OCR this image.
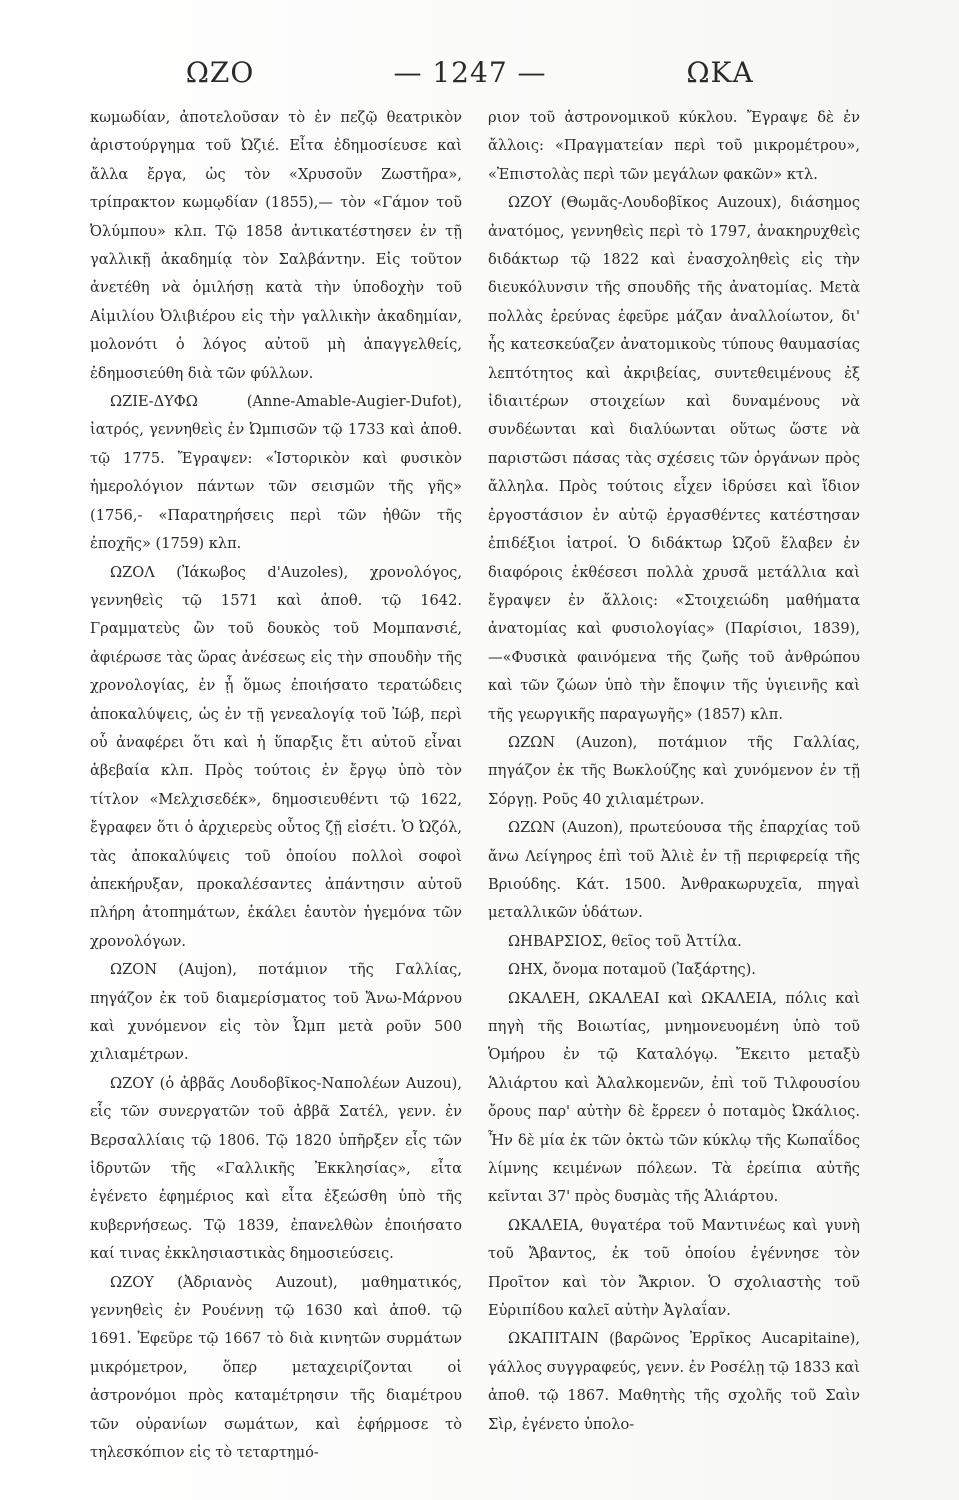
ΩΖΟ	— 1247 —	ΩΚΑ

κωμωδίαν, ἀποτελοῦσαν τὸ ἐν πεζῷ θεατρικὸν ἀριστούργημα τοῦ Ὠζιέ. Εἶτα ἐδημοσίευσε καὶ ἄλλα ἔργα, ὡς τὸν «Χρυσοῦν Ζωστῆρα», τρίπρακτον κωμῳδίαν (1855),— τὸν «Γάμον τοῦ Ὀλύμπου» κλπ. Τῷ 1858 ἀντικατέστησεν ἐν τῇ γαλλικῇ ἀκαδημίᾳ τὸν Σαλβάντην. Εἰς τοῦτον ἀνετέθη νὰ ὁμιλήσῃ κατὰ τὴν ὑποδοχὴν τοῦ Αἰμιλίου Ὀλιβιέρου εἰς τὴν γαλλικὴν ἀκαδημίαν, μολονότι ὁ λόγος αὐτοῦ μὴ ἀπαγγελθείς, ἐδημοσιεύθη διὰ τῶν φύλλων.

ΩΖΙΕ-ΔΥΦΩ (Anne-Amable-Augier-Dufot), ἰατρός, γεννηθεὶς ἐν Ὠμπισῶν τῷ 1733 καὶ ἀποθ. τῷ 1775. Ἔγραψεν: «Ἱστορικὸν καὶ φυσικὸν ἡμερολόγιον πάντων τῶν σεισμῶν τῆς γῆς» (1756,- «Παρατηρήσεις περὶ τῶν ἠθῶν τῆς ἐποχῆς» (1759) κλπ.

ΩΖΟΛ (Ἰάκωβος d'Auzoles), χρονολόγος, γεννηθεὶς τῷ 1571 καὶ ἀποθ. τῷ 1642. Γραμματεὺς ὢν τοῦ δουκὸς τοῦ Μομπανσιέ, ἀφιέρωσε τὰς ὥρας ἀνέσεως εἰς τὴν σπουδὴν τῆς χρονολογίας, ἐν ᾗ ὅμως ἐποιήσατο τερατώδεις ἀποκαλύψεις, ὡς ἐν τῇ γενεαλογίᾳ τοῦ Ἰώβ, περὶ οὗ ἀναφέρει ὅτι καὶ ἡ ὕπαρξις ἔτι αὐτοῦ εἶναι ἀβεβαία κλπ. Πρὸς τούτοις ἐν ἔργῳ ὑπὸ τὸν τίτλον «Μελχισεδέκ», δημοσιευθέντι τῷ 1622, ἔγραφεν ὅτι ὁ ἀρχιερεὺς οὗτος ζῇ εἰσέτι. Ὁ Ὠζόλ, τὰς ἀποκαλύψεις τοῦ ὁποίου πολλοὶ σοφοὶ ἀπεκήρυξαν, προκαλέσαντες ἀπάντησιν αὐτοῦ πλήρη ἀτοπημάτων, ἐκάλει ἑαυτὸν ἡγεμόνα τῶν χρονολόγων.

ΩΖΟΝ (Aujon), ποτάμιον τῆς Γαλλίας, πηγάζον ἐκ τοῦ διαμερίσματος τοῦ Ἄνω-Μάρνου καὶ χυνόμενον εἰς τὸν Ὦμπ μετὰ ροῦν 500 χιλιαμέτρων.

ΩΖΟΥ (ὁ ἀββᾶς Λουδοβῖκος-Ναπολέων Auzou), εἷς τῶν συνεργατῶν τοῦ ἀββᾶ Σατέλ, γενν. ἐν Βερσαλλίαις τῷ 1806. Τῷ 1820 ὑπῆρξεν εἷς τῶν ἱδρυτῶν τῆς «Γαλλικῆς Ἐκκλησίας», εἶτα ἐγένετο ἐφημέριος καὶ εἶτα ἐξεώσθη ὑπὸ τῆς κυβερνήσεως. Τῷ 1839, ἐπανελθὼν ἐποιήσατο καί τινας ἐκκλησιαστικὰς δημοσιεύσεις.

ΩΖΟΥ (Ἀδριανὸς Auzout), μαθηματικός, γεννηθεὶς ἐν Ρουέννῃ τῷ 1630 καὶ ἀποθ. τῷ 1691. Ἐφεῦρε τῷ 1667 τὸ διὰ κινητῶν συρμάτων μικρόμετρον, ὅπερ μεταχειρίζονται οἱ ἀστρονόμοι πρὸς καταμέτρησιν τῆς διαμέτρου τῶν οὐρανίων σωμάτων, καὶ ἐφήρμοσε τὸ τηλεσκόπιον εἰς τὸ τεταρτημό-

ριον τοῦ ἀστρονομικοῦ κύκλου. Ἔγραψε δὲ ἐν ἄλλοις: «Πραγματείαν περὶ τοῦ μικρομέτρου», «Ἐπιστολὰς περὶ τῶν μεγάλων φακῶν» κτλ.

ΩΖΟΥ (Θωμᾶς-Λουδοβῖκος Auzoux), διάσημος ἀνατόμος, γεννηθεὶς περὶ τὸ 1797, ἀνακηρυχθεὶς διδάκτωρ τῷ 1822 καὶ ἐνασχοληθεὶς εἰς τὴν διευκόλυνσιν τῆς σπουδῆς τῆς ἀνατομίας. Μετὰ πολλὰς ἐρεύνας ἐφεῦρε μάζαν ἀναλλοίωτον, δι' ἧς κατεσκεύαζεν ἀνατομικοὺς τύπους θαυμασίας λεπτότητος καὶ ἀκριβείας, συντεθειμένους ἐξ ἰδιαιτέρων στοιχείων καὶ δυναμένους νὰ συνδέωνται καὶ διαλύωνται οὕτως ὥστε νὰ παριστῶσι πάσας τὰς σχέσεις τῶν ὀργάνων πρὸς ἄλληλα. Πρὸς τούτοις εἶχεν ἱδρύσει καὶ ἴδιον ἐργοστάσιον ἐν αὐτῷ ἐργασθέντες κατέστησαν ἐπιδέξιοι ἰατροί. Ὁ διδάκτωρ Ὠζοῦ ἔλαβεν ἐν διαφόροις ἐκθέσεσι πολλὰ χρυσᾶ μετάλλια καὶ ἔγραψεν ἐν ἄλλοις: «Στοιχειώδη μαθήματα ἀνατομίας καὶ φυσιολογίας» (Παρίσιοι, 1839), —«Φυσικὰ φαινόμενα τῆς ζωῆς τοῦ ἀνθρώπου καὶ τῶν ζώων ὑπὸ τὴν ἔποψιν τῆς ὑγιεινῆς καὶ τῆς γεωργικῆς παραγωγῆς» (1857) κλπ.

ΩΖΩΝ (Auzon), ποτάμιον τῆς Γαλλίας, πηγάζον ἐκ τῆς Βωκλούζης καὶ χυνόμενον ἐν τῇ Σόργῃ. Ροῦς 40 χιλιαμέτρων.

ΩΖΩΝ (Auzon), πρωτεύουσα τῆς ἐπαρχίας τοῦ ἄνω Λείγηρος ἐπὶ τοῦ Ἀλιὲ ἐν τῇ περιφερείᾳ τῆς Βριούδης. Κάτ. 1500. Ἀνθρακωρυχεῖα, πηγαὶ μεταλλικῶν ὑδάτων.

ΩΗΒΑΡΣΙΟΣ, θεῖος τοῦ Ἀττίλα.

ΩΗΧ, ὄνομα ποταμοῦ (Ἰαξάρτης).

ΩΚΑΛΕΗ, ΩΚΑΛΕΑΙ καὶ ΩΚΑΛΕΙΑ, πόλις καὶ πηγὴ τῆς Βοιωτίας, μνημονευομένη ὑπὸ τοῦ Ὁμήρου ἐν τῷ Καταλόγῳ. Ἔκειτο μεταξὺ Ἁλιάρτου καὶ Ἀλαλκομενῶν, ἐπὶ τοῦ Τιλφουσίου ὄρους παρ' αὐτὴν δὲ ἔρρεεν ὁ ποταμὸς Ὠκάλιος. Ἦν δὲ μία ἐκ τῶν ὀκτὼ τῶν κύκλῳ τῆς Κωπαΐδος λίμνης κειμένων πόλεων. Τὰ ἐρείπια αὐτῆς κεῖνται 37' πρὸς δυσμὰς τῆς Ἁλιάρτου.

ΩΚΑΛΕΙΑ, θυγατέρα τοῦ Μαντινέως καὶ γυνὴ τοῦ Ἄβαντος, ἐκ τοῦ ὁποίου ἐγέννησε τὸν Προῖτον καὶ τὸν Ἄκριον. Ὁ σχολιαστὴς τοῦ Εὐριπίδου καλεῖ αὐτὴν Ἀγλαΐαν.

ΩΚΑΠΙΤΑΙΝ (βαρῶνος Ἐρρῖκος Aucapitaine), γάλλος συγγραφεύς, γενν. ἐν Ροσέλῃ τῷ 1833 καὶ ἀποθ. τῷ 1867. Μαθητὴς τῆς σχολῆς τοῦ Σαὶν Σὶρ, ἐγένετο ὑπολο-
